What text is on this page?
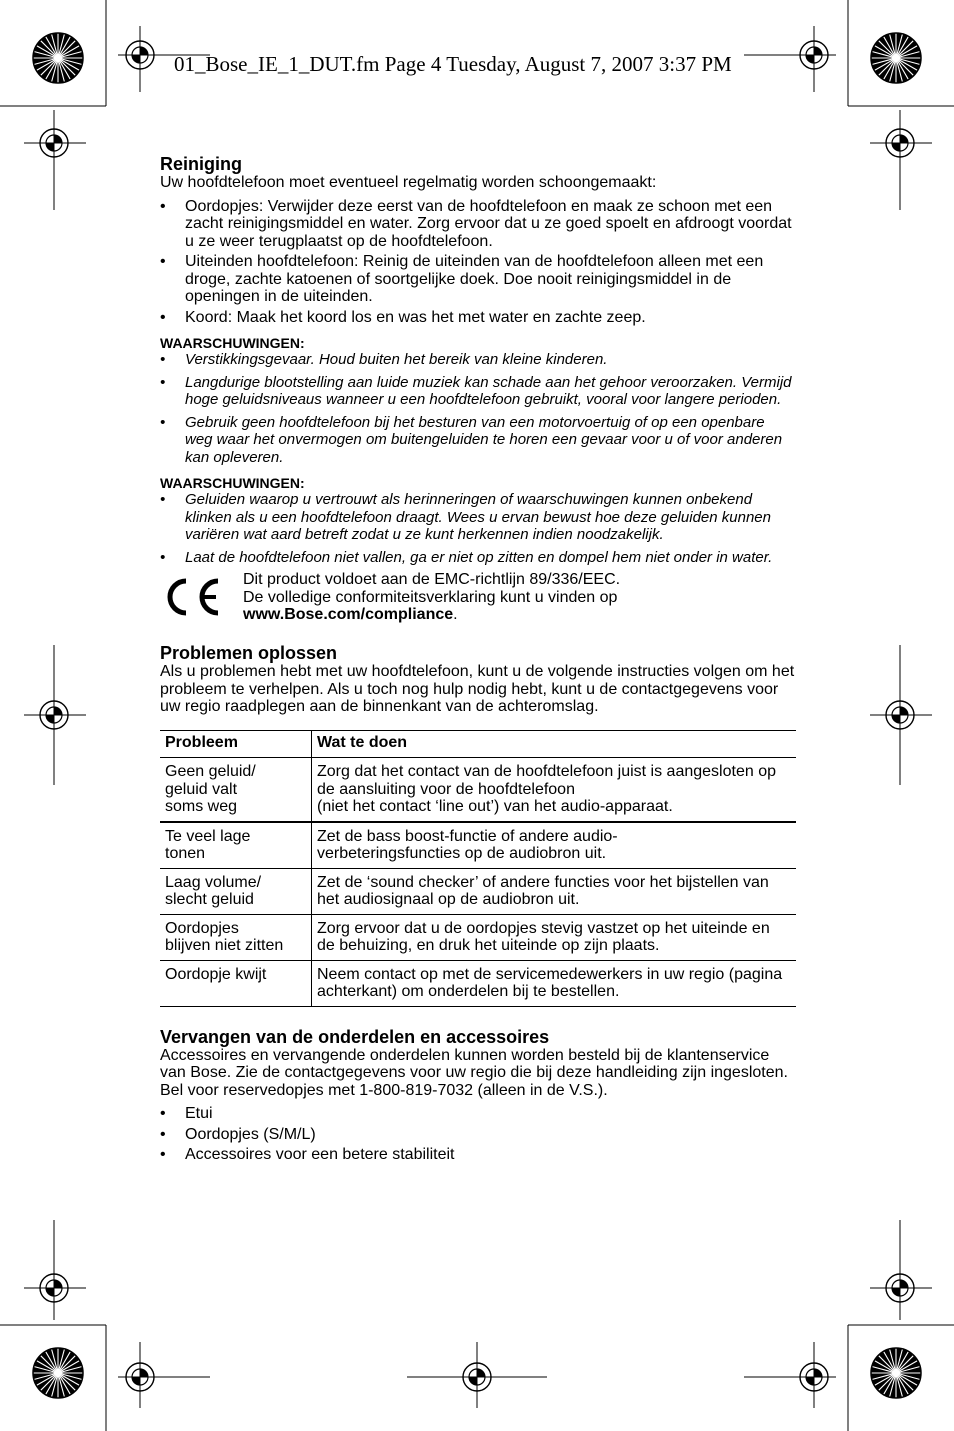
01_Bose_IE_1_DUT.fm Page 4 Tuesday, August 7, 2007 3:37 PM
Reiniging

Uw hoofdtelefoon moet eventueel regelmatig worden schoongemaakt:

• Oordopjes: Verwijder deze eerst van de hoofdtelefoon en maak ze schoon met een zacht reinigingsmiddel en water. Zorg ervoor dat u ze goed spoelt en afdroogt voordat u ze weer terugplaatst op de hoofdtelefoon.
• Uiteinden hoofdtelefoon: Reinig de uiteinden van de hoofdtelefoon alleen met een droge, zachte katoenen of soortgelijke doek. Doe nooit reinigingsmiddel in de openingen in de uiteinden.
• Koord: Maak het koord los en was het met water en zachte zeep.
WAARSCHUWINGEN:
• Verstikkingsgevaar. Houd buiten het bereik van kleine kinderen.
• Langdurige blootstelling aan luide muziek kan schade aan het gehoor veroorzaken. Vermijd hoge geluidsniveaus wanneer u een hoofdtelefoon gebruikt, vooral voor langere perioden.
• Gebruik geen hoofdtelefoon bij het besturen van een motorvoertuig of op een openbare weg waar het onvermogen om buitengeluiden te horen een gevaar voor u of voor anderen kan opleveren.
WAARSCHUWINGEN:
• Geluiden waarop u vertrouwt als herinneringen of waarschuwingen kunnen onbekend klinken als u een hoofdtelefoon draagt. Wees u ervan bewust hoe deze geluiden kunnen variëren wat aard betreft zodat u ze kunt herkennen indien noodzakelijk.
• Laat de hoofdtelefoon niet vallen, ga er niet op zitten en dompel hem niet onder in water.
Dit product voldoet aan de EMC-richtlijn 89/336/EEC.
De volledige conformiteitsverklaring kunt u vinden op
www.Bose.com/compliance.
Problemen oplossen

Als u problemen hebt met uw hoofdtelefoon, kunt u de volgende instructies volgen om het probleem te verhelpen. Als u toch nog hulp nodig hebt, kunt u de contactgegevens voor uw regio raadplegen aan de binnenkant van de achteromslag.

Probleem	Wat te doen
Geen geluid/
geluid valt
soms weg	Zorg dat het contact van de hoofdtelefoon juist is aangesloten op de aansluiting voor de hoofdtelefoon
(niet het contact ‘line out’) van het audio-apparaat.
Te veel lage
tonen	Zet de bass boost-functie of andere audio-
verbeteringsfuncties op de audiobron uit.
Laag volume/
slecht geluid	Zet de ‘sound checker’ of andere functies voor het bijstellen van het audiosignaal op de audiobron uit.
Oordopjes
blijven niet zitten	Zorg ervoor dat u de oordopjes stevig vastzet op het uiteinde en de behuizing, en druk het uiteinde op zijn plaats.
Oordopje kwijt	Neem contact op met de servicemedewerkers in uw regio (pagina achterkant) om onderdelen bij te bestellen.
Vervangen van de onderdelen en accessoires

Accessoires en vervangende onderdelen kunnen worden besteld bij de klantenservice van Bose. Zie de contactgegevens voor uw regio die bij deze handleiding zijn ingesloten. Bel voor reservedopjes met 1-800-819-7032 (alleen in de V.S.).

• Etui
• Oordopjes (S/M/L)
• Accessoires voor een betere stabiliteit
